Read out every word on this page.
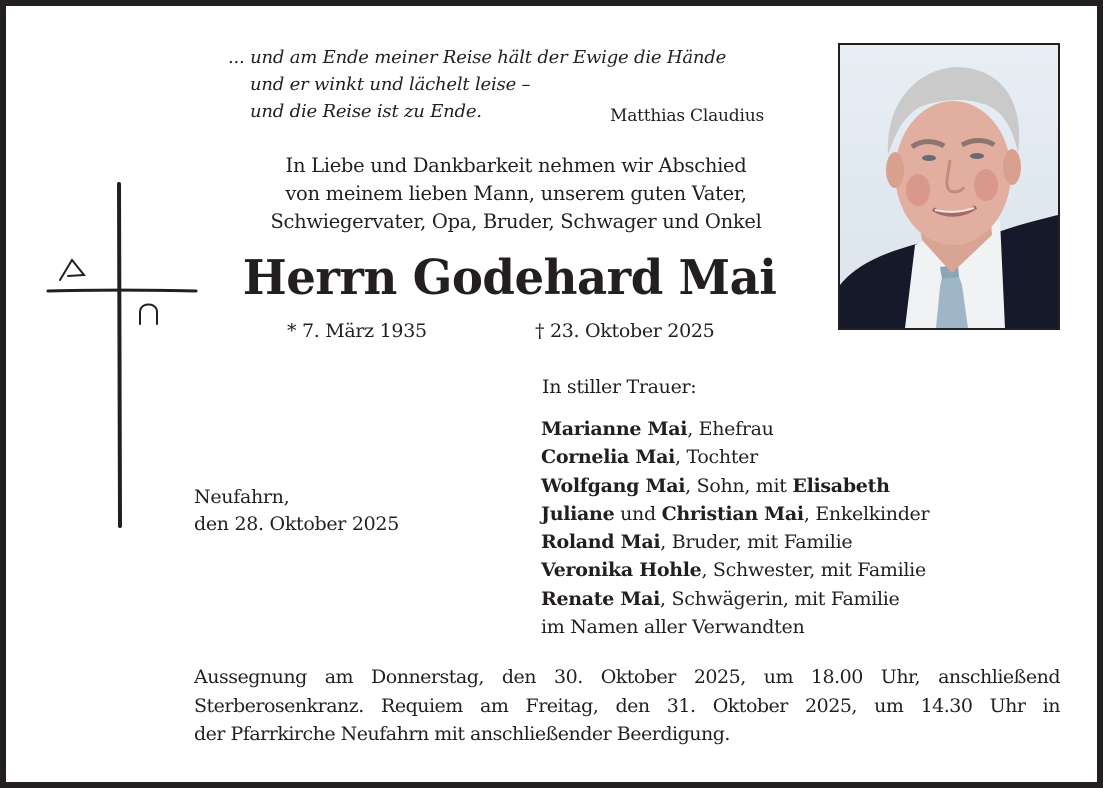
... und am Ende meiner Reise hält der Ewige die Hände
und er winkt und lächelt leise –
und die Reise ist zu Ende.	Matthias Claudius
In Liebe und Dankbarkeit nehmen wir Abschied
von meinem lieben Mann, unserem guten Vater,
Schwiegervater, Opa, Bruder, Schwager und Onkel
Herrn Godehard Mai
* 7. März 1935	† 23. Oktober 2025
In stiller Trauer:
Marianne Mai, Ehefrau
Cornelia Mai, Tochter
Wolfgang Mai, Sohn, mit Elisabeth
Juliane und Christian Mai, Enkelkinder
Roland Mai, Bruder, mit Familie
Veronika Hohle, Schwester, mit Familie
Renate Mai, Schwägerin, mit Familie
im Namen aller Verwandten
Neufahrn,
den 28. Oktober 2025
Aussegnung am Donnerstag, den 30. Oktober 2025, um 18.00 Uhr, anschließend
Sterberosenkranz. Requiem am Freitag, den 31. Oktober 2025, um 14.30 Uhr in
der Pfarrkirche Neufahrn mit anschließender Beerdigung.
